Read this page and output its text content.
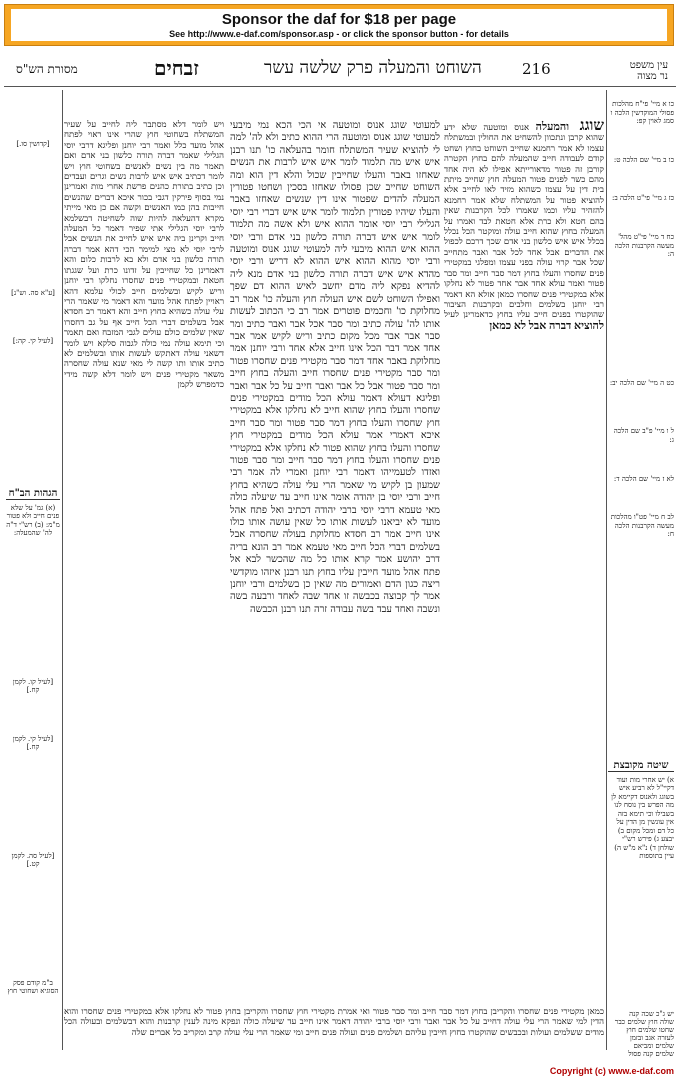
Sponsor the daf for $18 per page
See http://www.e-daf.com/sponsor.asp - or click the sponsor button - for details
מסורת הש"ס	זבחים	השוחט והמעלה פרק שלשה עשר	216	עין משפט
נר מצוה
[קדושין סו.]
[ע"א סה. וש"נ]
[לעיל קי. קה:]
הגהות הב"ח
(א) גמ' על שלא פנים חייב ולא פטור מ"מ: (ב) רש"י ד"ה לה' שהמעלה:
[לעיל קו. לקמן קח.]
[לעיל קי. לקמן קח.]
[לעיל סה. לקמן קט.]
ב"מ קודם פסק הסוגיא ושחוטי חוץ
ויש לומר דלא מסתבר ליה לחייב על שעיר המשתלח בשחוטי חוץ שהרי אינו ראוי לפתח אהל מועד כלל ואמר רבי יוחנן ופליגא דרבי יוסי הגלילי שאמר דברה תורה כלשון בני אדם ואם תאמר מה בין נשים לאנשים בשחוטי חוץ ויש לומר דכתיב איש איש לרבות נשים וגרים ועבדים וכן כתיב בתורת כהנים פרשת אחרי מות ואמרינן נמי בסוף פירקין דגבי בכור איכא דברים שהנשים חייבות בהן כמו האנשים וקשה אם כן מאי מייתי מקרא דהעלאה להיות שוה לשחיטה דבשלמא לרבי יוסי הגלילי אתי שפיר דאמר כל המעלה חייב וקרינן ביה איש איש לחייב את הנשים אבל לרבי יוסי לא מצי למימר הכי דהא אמר דברה תורה כלשון בני אדם ולא בא לרבות כלום והא דאמרינן כל שחייבין על זדונו כרת ועל שגגתו חטאת ובמקטירי פנים שחסרו נחלקו רבי יוחנן וריש לקיש ובשלמים חייב לכולי עלמא דהא ראויין לפתח אהל מועד והא דאמר מי שאמר הרי עלי עולה כשהיא בחוץ חייב והא דאמר רב חסדא אבל בשלמים דברי הכל חייב אף על גב דחסרו שאין שלמים כולם עולים לגבי המזבח ואם תאמר וכי תימא עולה נמי כולה לגבוה סלקא ויש לומר דשאני עולה דאתקש לעשות אותו ובשלמים לא כתיב אותו ותו קשה לי מאי שנא עולה שחסרה משאר מקטירי פנים ויש לומר דלא קשה מידי כדמפרש לקמן
למעוטי שוגג אנוס ומוטעה אי הכי הכא נמי מיבעי למעוטי שוגג אנוס ומוטעה הרי ההוא כתיב ולא לה' למה לי להוציא שעיר המשתלח חומר בהעלאה כו' תנו רבנן איש איש מה תלמוד לומר איש איש לרבות את הנשים שאחזו באבר והעלו שחייבין שכול והלא דין הוא ומה השוחט שחייב שכן פסולו שאחזו בסכין ושחטו פטורין המעלה להדים שפטור אינו דין שנשים שאחזו באבר והעלו שיהיו פטורין תלמוד לומר איש איש דברי רבי יוסי הגלילי רבי יוסי אומר ההוא איש ולא אשה מה תלמוד לומר איש איש דברה תורה כלשון בני אדם ורבי יוסי ההוא איש ההוא מיבעי ליה למעוטי שוגג אנוס ומוטעה ורבי יוסי מהוא ההוא איש ההוא לא דריש ורבי יוסי מהדא איש איש דברה תורה כלשון בני אדם מנא ליה להדיא נפקא ליה מדם יחשב לאיש ההוא דם שפך ואפילו השוחט לשם איש העולה חוץ והעלה כו' אמר רב מחלוקת כו' וחכמים פוטרים אמר רב כי הכתוב לעשות אותו לה' עולה כתיב ומר סבר אכל אבר ואבר כתיב ומר סבר אבר אבר מכל מקום כתיב וריש לקיש אמר אבר אחד אמר דבר הכל אינו חייב אלא אחד ורבי יוחנן אמר מחלוקת באבר אחד דמר סבר מקטירי פנים שחסרו פטור ומר סבר מקטירי פנים שחסרו חייב והעלה בחוץ חייב ומר סבר פטור אבל כל אבר ואבר חייב על כל אבר ואבר ופליגא דעולא דאמר עולא הכל מודים במקטירי פנים שחסרו והעלו בחוץ שהוא חייב לא נחלקו אלא במקטירי חוץ שחסרו והעלו בחוץ דמר סבר פטור ומר סבר חייב איכא דאמרי אמר עולא הכל מודים במקטירי חוץ שחסרו והעלו בחוץ שהוא פטור לא נחלקו אלא במקטירי פנים שחסרו והעלו בחוץ דמר סבר חייב ומר סבר פטור ואזדו לטעמייהו דאמר רבי יוחנן ואמרי לה אמר רבי שמעון בן לקיש מי שאמר הרי עלי עולה כשהיא בחוץ חייב ורבי יוסי בן יהודה אומר אינו חייב עד שיעלה כולה מאי טעמא דרבי יוסי ברבי יהודה דכתיב ואל פתח אהל מועד לא יביאנו לעשות אותו כל שאין עושה אותו כולו אינו חייב אמר רב חסדא מחלוקת בעולה שחסרה אבל בשלמים דברי הכל חייב מאי טעמא אמר רב הונא בריה דרב יהושע אמר קרא אותו כל מה שהכשר לבא אל פתח אהל מועד חייבין עליו בחוץ תנו רבנן איזהו מוקדשי ריצה כגון הדם ואמורים מה שאין כן בשלמים ורבי יוחנן אמר לך קבוצה בכבשה זו אחד שבה לאחד ורבעה בשה ונשבה ואחד עבד בשה עבודה זרה תנו רבנן הכבשה
שוגג והמעלה אנוס ומוטעה שלא ידע שהוא קרבן ונתכוון להשחיט את החולין ובמשתלח עצמו לא אמר רחמנא שחייב השוחט בחוץ ושחט קודם לעבודה חייב שהמעלה להם בחוץ הקטרה קורבן זה פטור מדאורייתא אפילו לא היה אחד מהם כשר לפנים פטור המעלה חוץ שחייב מיתת בית דין על עצמו כשהוא מזיד לאו לחייב אלא להוציא פטור על המשתלח שלא אמר רחמנא להזהיר עליו וכמו שאמרו לכל הקרבנות שאין בהם חטא ולא כרת אלא חטאת לבד ואמרו על המעלה בחוץ שהוא חייב עולה ומוקטר הכל נכלל בכלל איש איש כלשון בני אדם שכך דרכם לכפול את הדברים אבל אחד לכל אבר ואבר מתחייב שכל אבר קרוי עולה בפני עצמו ומפלגי במקטירי פנים שחסרו והעלו בחוץ דמר סבר חייב ומר סבר פטור ואמר עולא אחד אבר אחד פטור לא נחלקו אלא במקטירי פנים שחסרו כמאן אזלא הא דאמר רבי יוחנן בשלמים וחלבים ובקרבנות הציבור שהוקטרו בפנים חייב עליו בחוץ כדאמרינן לעיל להוציא דברה אבל לא כמאן
כו א מיי' פי"ח מהלכות פסולי המוקדשין הלכה ו סמג לאוין קפ:
כו ב מיי' שם הלכה ט:
כז ג מיי' פי"ט הלכה ב:
כח ד מיי' פי"ט מהל' מעשה הקרבנות הלכה ה:
כט ה מיי' שם הלכה יב:
ל ו מיי' פ"ב שם הלכה ג:
לא ז מיי' שם הלכה ד:
לב ח מיי' פט"ו מהלכות מעשה הקרבנות הלכה ח:
שיטה מקובצת
א) יש אחרי מות ועוד דקיי"ל לא רביע איש בשוגג ולאנוס דקיימא לן מה הפרש בין נוסח לנו בשבילו וכי תימא בזה אין עונשין מן הדין על כל דם ומכל מקום ב) יבצע ג) פירש רש"י שולחן ד) נ"א מ"ש ה) עיין בתוספות
כמאן מקטירי פנים שחסרו והקריבן בחוץ דמר סבר חייב ומר סבר פטור ואי אמרת מקטירי חוץ שחסרו והקריבן בחוץ פטור לא נחלקו אלא במקטירי פנים שחסרו והוא הדין למי שאמר הרי עלי עולה דחייב על כל אבר ואבר ורבי יוסי ברבי יהודה דאמר אינו חייב עד שיעלה כולה ונפקא מינה לענין קרבנות והוא דבשלמים ובעולה הכל מודים ששלמים ועולות ובכבשים שהוקטרו בחוץ חייבין עליהם ושלמים פנים ועולה פנים חייב ומי שאמר הרי עלי עולה קרב ומקריב כל אברים שלה
יש ג"כ שכה קנה שולה חוץ שלמים כבר שחטו שלמים חוץ לעזרה אגב ובזמן שלמים ומביאם שלמים קנה פסול
Copyright (c) www.e-daf.com
